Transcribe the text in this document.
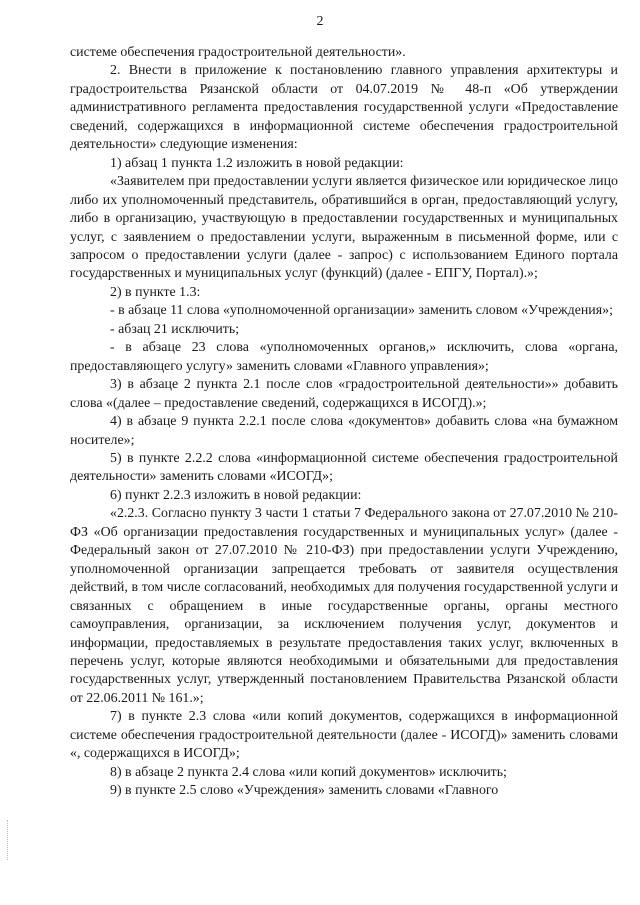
2

системе обеспечения градостроительной деятельности».

2. Внести в приложение к постановлению главного управления архитектуры и градостроительства Рязанской области от 04.07.2019 № 48-п «Об утверждении административного регламента предоставления государственной услуги «Предоставление сведений, содержащихся в информационной системе обеспечения градостроительной деятельности» следующие изменения:

1) абзац 1 пункта 1.2 изложить в новой редакции:

«Заявителем при предоставлении услуги является физическое или юридическое лицо либо их уполномоченный представитель, обратившийся в орган, предоставляющий услугу, либо в организацию, участвующую в предоставлении государственных и муниципальных услуг, с заявлением о предоставлении услуги, выраженным в письменной форме, или с запросом о предоставлении услуги (далее - запрос) с использованием Единого портала государственных и муниципальных услуг (функций) (далее - ЕПГУ, Портал).»;

2) в пункте 1.3:

- в абзаце 11 слова «уполномоченной организации» заменить словом «Учреждения»;

- абзац 21 исключить;

- в абзаце 23 слова «уполномоченных органов,» исключить, слова «органа, предоставляющего услугу» заменить словами «Главного управления»;

3) в абзаце 2 пункта 2.1 после слов «градостроительной деятельности»» добавить слова «(далее – предоставление сведений, содержащихся в ИСОГД).»;

4) в абзаце 9 пункта 2.2.1 после слова «документов» добавить слова «на бумажном носителе»;

5) в пункте 2.2.2 слова «информационной системе обеспечения градостроительной деятельности» заменить словами «ИСОГД»;

6) пункт 2.2.3 изложить в новой редакции:

«2.2.3. Согласно пункту 3 части 1 статьи 7 Федерального закона от 27.07.2010 № 210-ФЗ «Об организации предоставления государственных и муниципальных услуг» (далее - Федеральный закон от 27.07.2010 № 210-ФЗ) при предоставлении услуги Учреждению, уполномоченной организации запрещается требовать от заявителя осуществления действий, в том числе согласований, необходимых для получения государственной услуги и связанных с обращением в иные государственные органы, органы местного самоуправления, организации, за исключением получения услуг, документов и информации, предоставляемых в результате предоставления таких услуг, включенных в перечень услуг, которые являются необходимыми и обязательными для предоставления государственных услуг, утвержденный постановлением Правительства Рязанской области от 22.06.2011 № 161.»;

7) в пункте 2.3 слова «или копий документов, содержащихся в информационной системе обеспечения градостроительной деятельности (далее - ИСОГД)» заменить словами «, содержащихся в ИСОГД»;

8) в абзаце 2 пункта 2.4 слова «или копий документов» исключить;

9) в пункте 2.5 слово «Учреждения» заменить словами «Главного
